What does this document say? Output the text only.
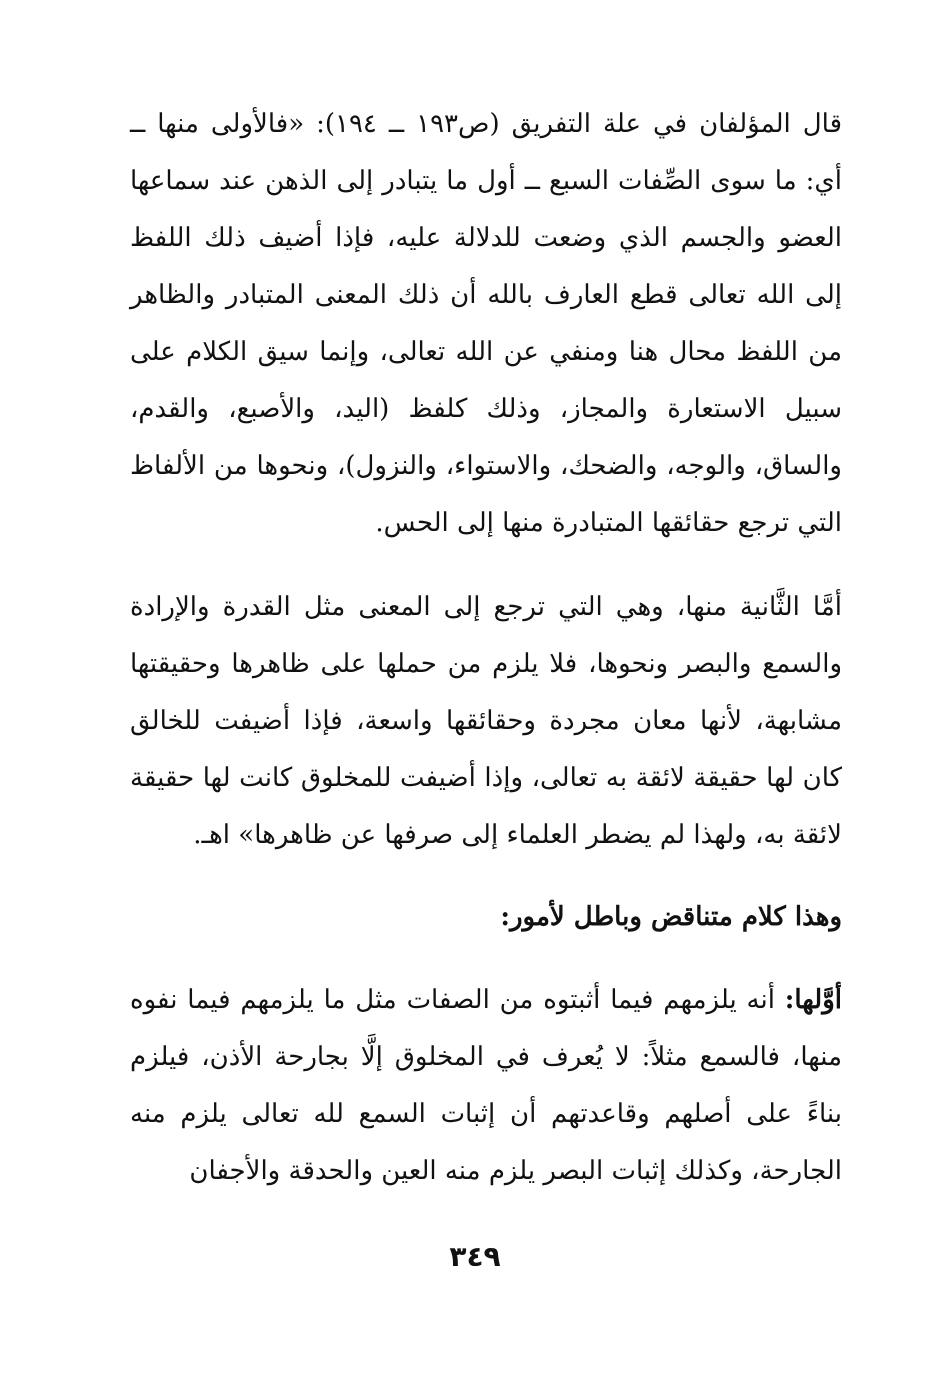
قال المؤلفان في علة التفريق (ص١٩٣ ــ ١٩٤): «فالأولى منها ــ أي: ما سوى الصِّفات السبع ــ أول ما يتبادر إلى الذهن عند سماعها العضو والجسم الذي وضعت للدلالة عليه، فإذا أضيف ذلك اللفظ إلى الله تعالى قطع العارف بالله أن ذلك المعنى المتبادر والظاهر من اللفظ محال هنا ومنفي عن الله تعالى، وإنما سيق الكلام على سبيل الاستعارة والمجاز، وذلك كلفظ (اليد، والأصبع، والقدم، والساق، والوجه، والضحك، والاستواء، والنزول)، ونحوها من الألفاظ التي ترجع حقائقها المتبادرة منها إلى الحس.

أمَّا الثَّانية منها، وهي التي ترجع إلى المعنى مثل القدرة والإرادة والسمع والبصر ونحوها، فلا يلزم من حملها على ظاهرها وحقيقتها مشابهة، لأنها معان مجردة وحقائقها واسعة، فإذا أضيفت للخالق كان لها حقيقة لائقة به تعالى، وإذا أضيفت للمخلوق كانت لها حقيقة لائقة به، ولهذا لم يضطر العلماء إلى صرفها عن ظاهرها» اهـ.

وهذا كلام متناقض وباطل لأمور:

أوَّلها: أنه يلزمهم فيما أثبتوه من الصفات مثل ما يلزمهم فيما نفوه منها، فالسمع مثلاً: لا يُعرف في المخلوق إلَّا بجارحة الأذن، فيلزم بناءً على أصلهم وقاعدتهم أن إثبات السمع لله تعالى يلزم منه الجارحة، وكذلك إثبات البصر يلزم منه العين والحدقة والأجفان

٣٤٩
